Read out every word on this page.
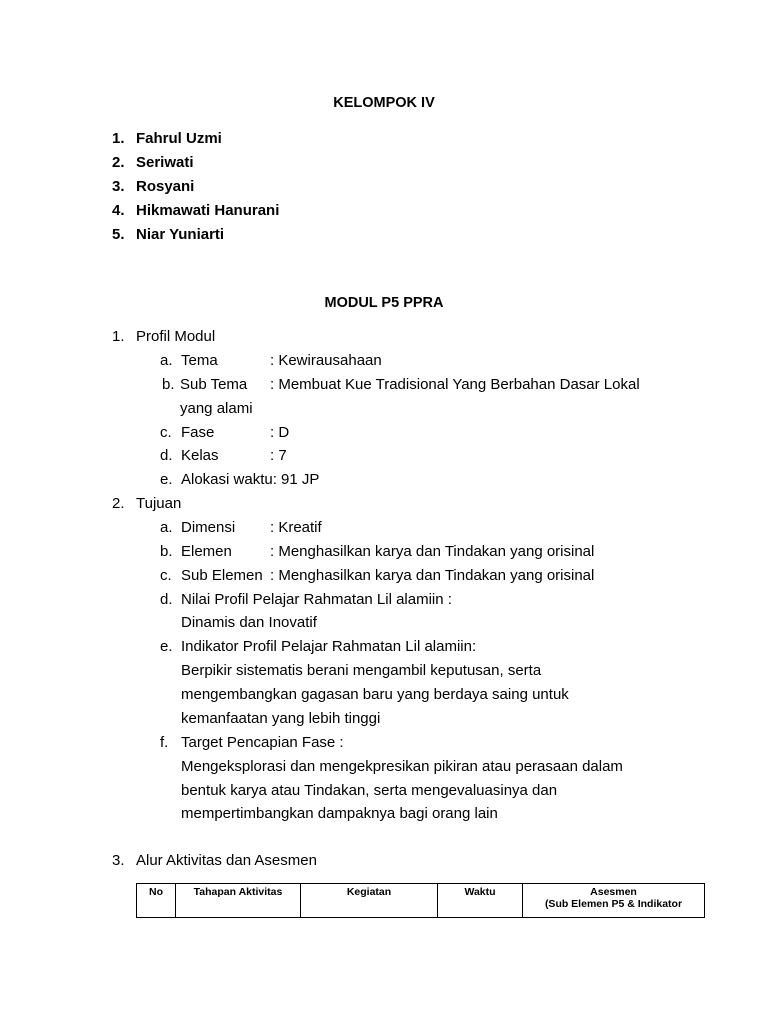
KELOMPOK IV
1. Fahrul Uzmi
2. Seriwati
3. Rosyani
4. Hikmawati Hanurani
5. Niar Yuniarti
MODUL P5 PPRA
1. Profil Modul
a. Tema	: Kewirausahaan
b. Sub Tema : Membuat Kue Tradisional Yang Berbahan Dasar Lokal
yang alami
c. Fase	: D
d. Kelas	: 7
e. Alokasi waktu: 91 JP
2. Tujuan
a. Dimensi : Kreatif
b. Elemen	: Menghasilkan karya dan Tindakan yang orisinal
c. Sub Elemen : Menghasilkan karya dan Tindakan yang orisinal
d. Nilai Profil Pelajar Rahmatan Lil alamiin :
Dinamis dan Inovatif
e. Indikator Profil Pelajar Rahmatan Lil alamiin:
Berpikir sistematis berani mengambil keputusan, serta
mengembangkan gagasan baru yang berdaya saing untuk
kemanfaatan yang lebih tinggi
f. Target Pencapian Fase :
Mengeksplorasi dan mengekpresikan pikiran atau perasaan dalam
bentuk karya atau Tindakan, serta mengevaluasinya dan
mempertimbangkan dampaknya bagi orang lain
3. Alur Aktivitas dan Asesmen
No	Tahapan Aktivitas	Kegiatan	Waktu	Asesmen
(Sub Elemen P5 & Indikator
